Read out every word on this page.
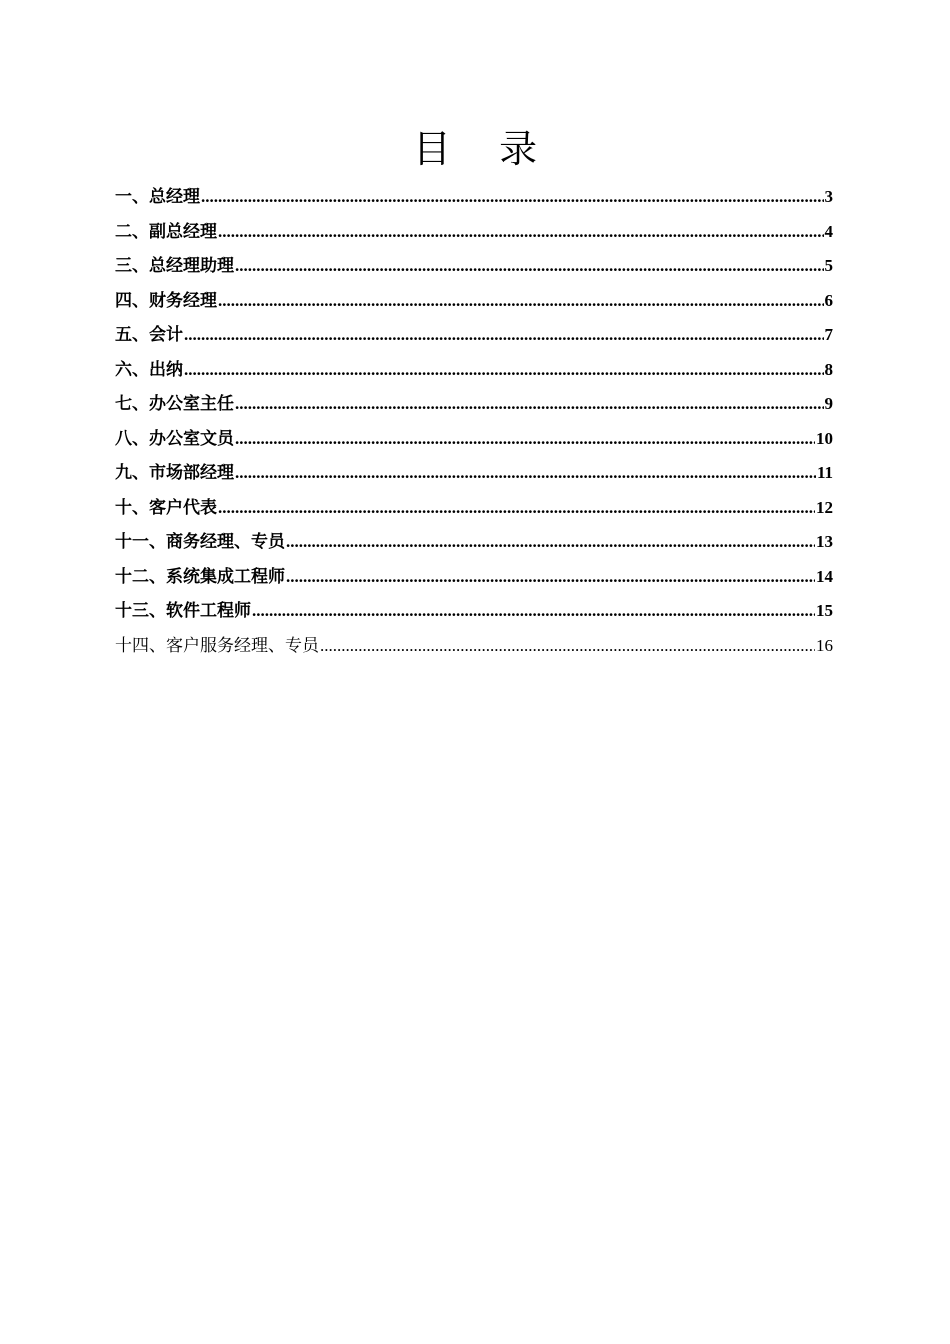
目    录
一、总经理 .....	3
二、副总经理 .....	4
三、总经理助理 .....	5
四、财务经理 .....	6
五、会计 .....	7
六、出纳 .....	8
七、办公室主任 .....	9
八、办公室文员 .....	10
九、市场部经理 .....	11
十、客户代表 .....	12
十一、商务经理、专员 .....	13
十二、系统集成工程师 .....	14
十三、软件工程师 .....	15
十四、客户服务经理、专员 .....	16
